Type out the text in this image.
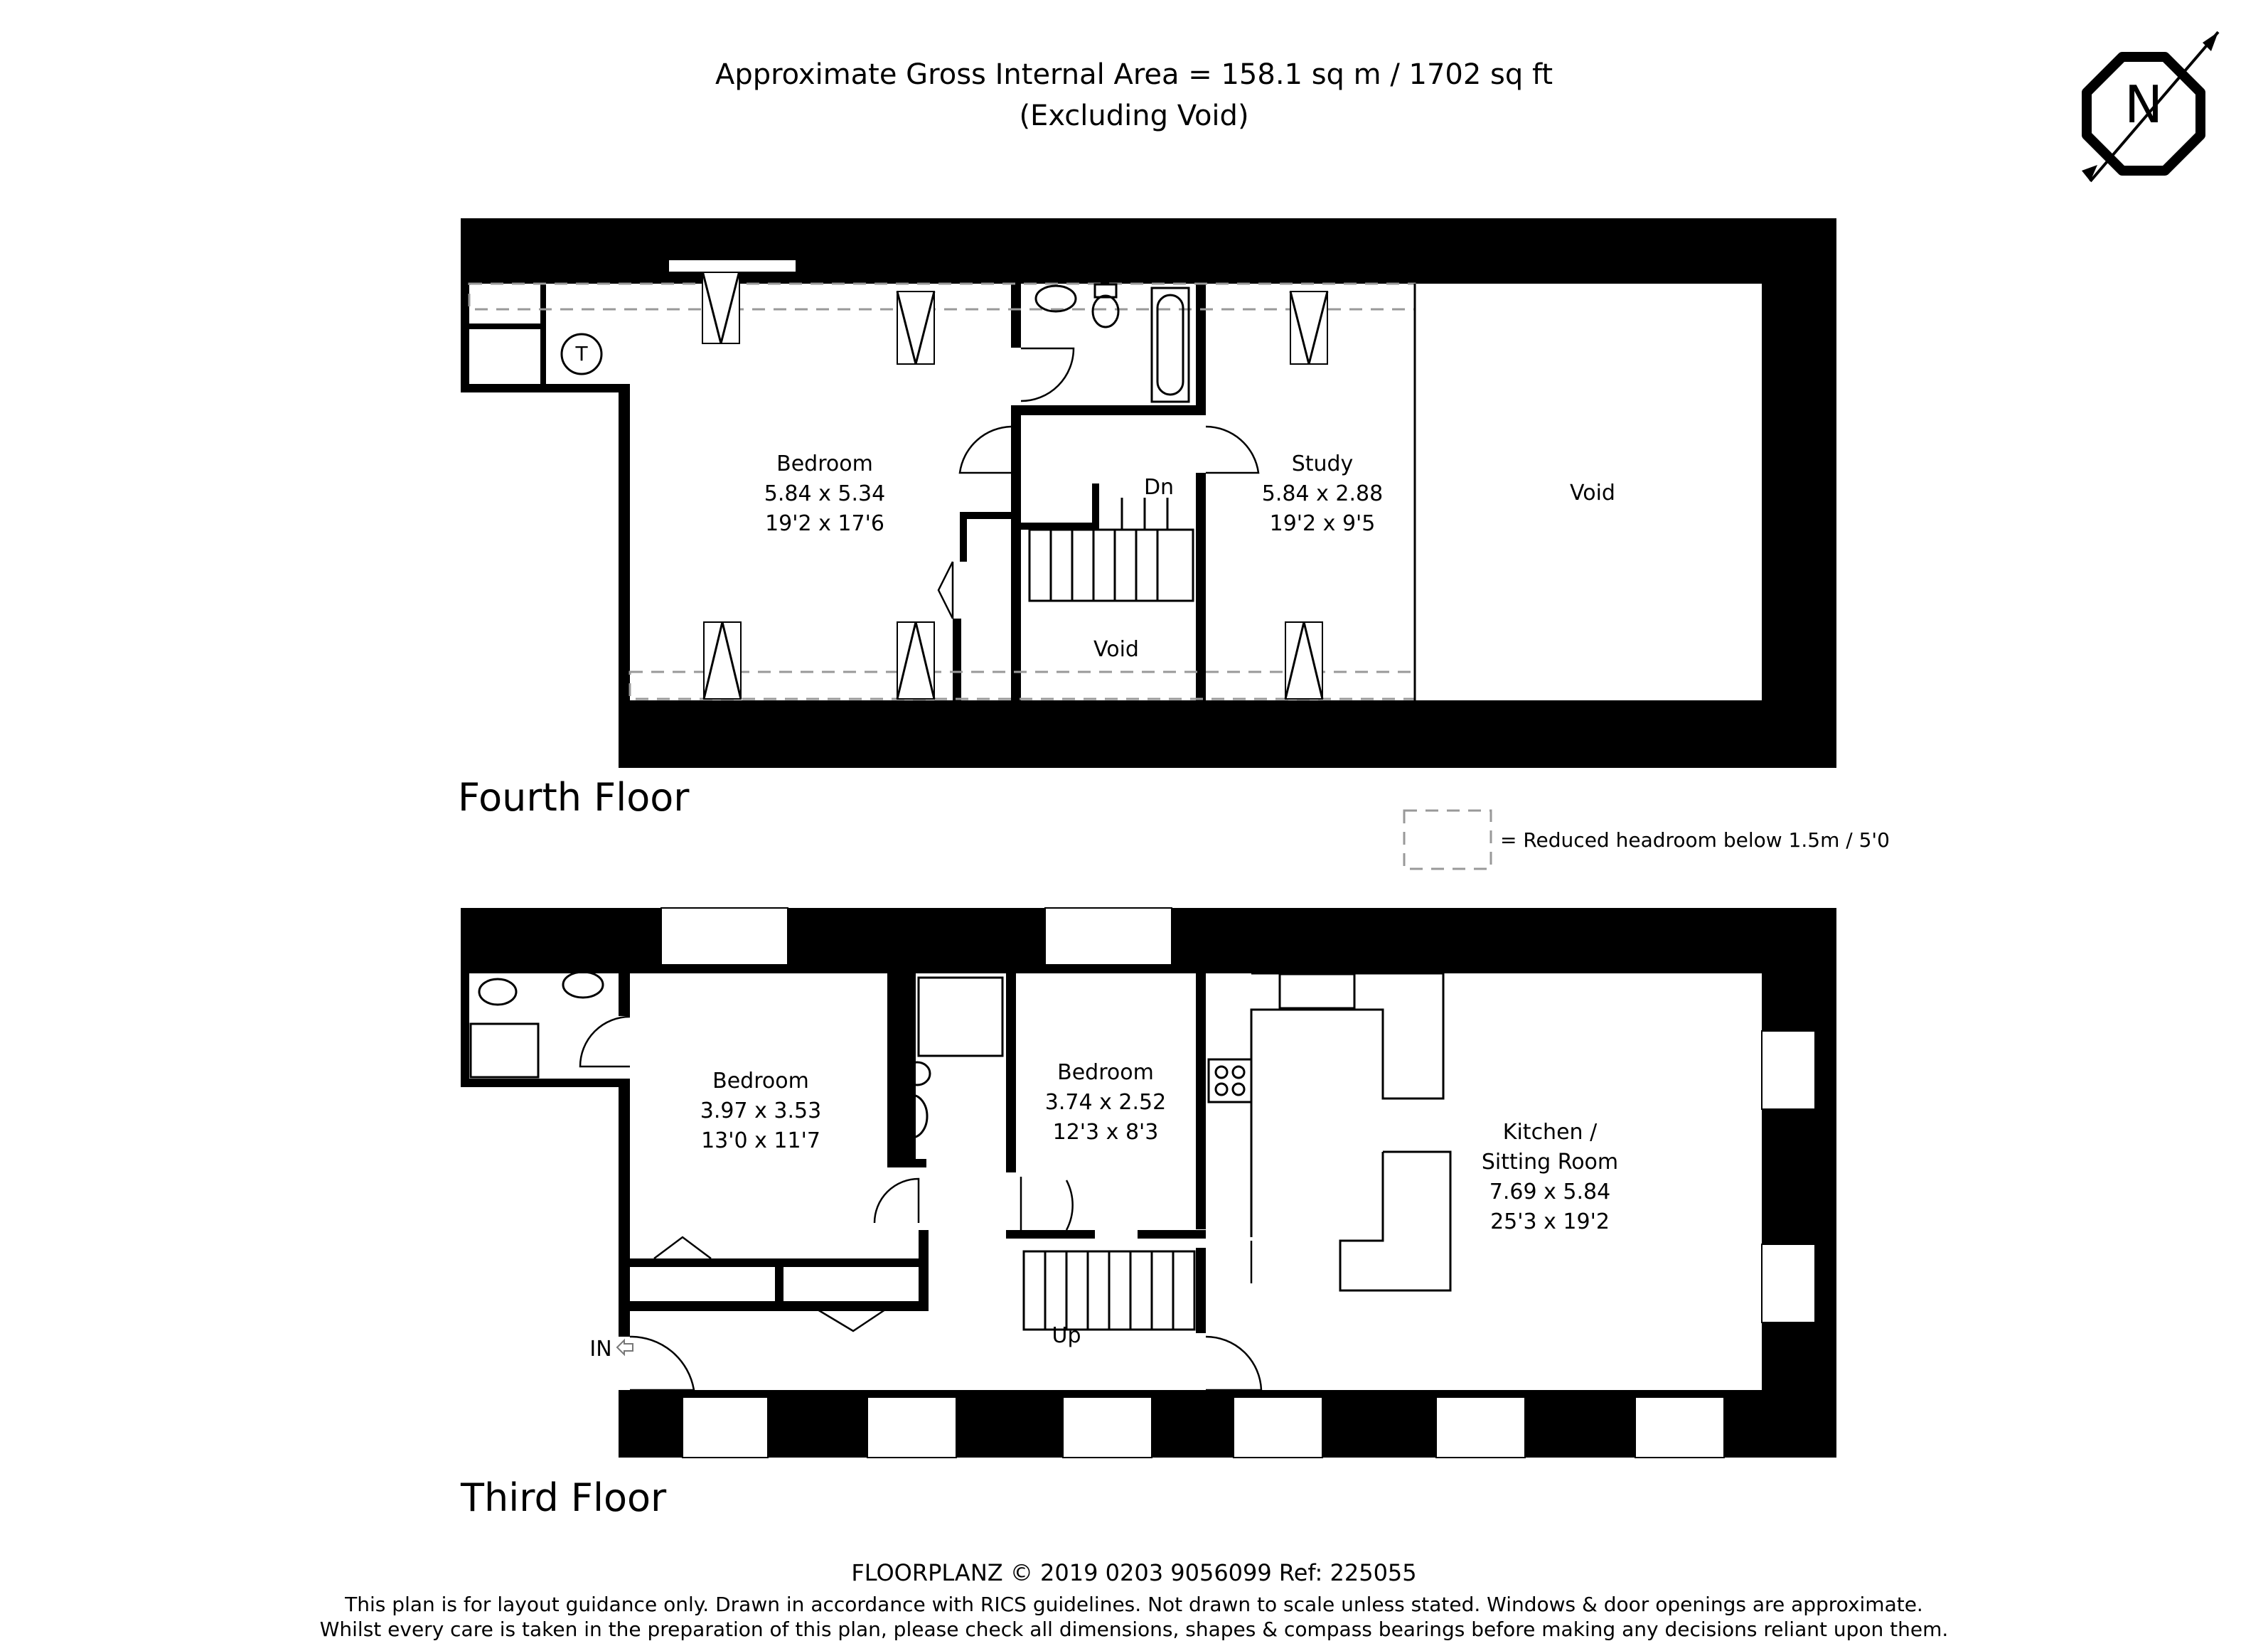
Approximate Gross Internal Area = 158.1 sq m / 1702 sq ft
(Excluding Void)
Fourth Floor
Bedroom
5.84 x 5.34
19'2 x 17'6
Study
5.84 x 2.88
19'2 x 9'5
Void
Void
Dn
T
= Reduced headroom below 1.5m / 5'0
Third Floor
Bedroom
3.97 x 3.53
13'0 x 11'7
Bedroom
3.74 x 2.52
12'3 x 8'3	Kitchen /
Sitting Room
7.69 x 5.84
25'3 x 19'2
IN
Up
FLOORPLANZ © 2019 0203 9056099 Ref: 225055
This plan is for layout guidance only. Drawn in accordance with RICS guidelines. Not drawn to scale unless stated. Windows & door openings are approximate.
Whilst every care is taken in the preparation of this plan, please check all dimensions, shapes & compass bearings before making any decisions reliant upon them.
N
